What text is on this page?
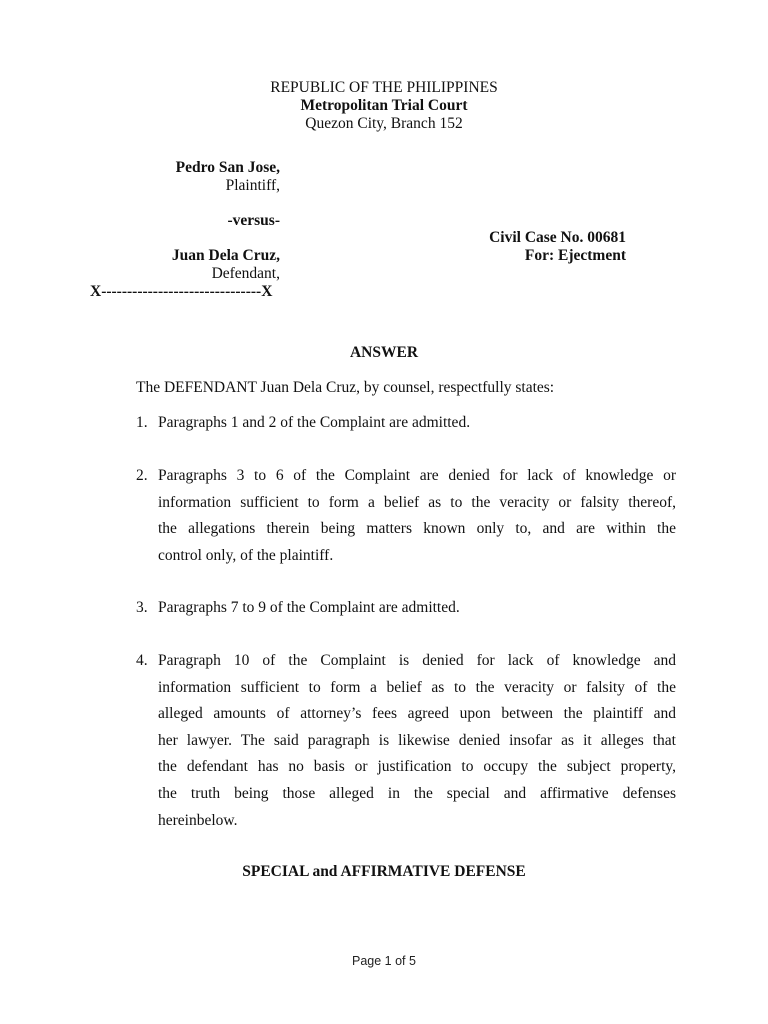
REPUBLIC OF THE PHILIPPINES
Metropolitan Trial Court
Quezon City, Branch 152
Pedro San Jose,
Plaintiff,
-versus-
Juan Dela Cruz,
Defendant,
X-------------------------------X
Civil Case No. 00681
For: Ejectment
ANSWER
The DEFENDANT Juan Dela Cruz, by counsel, respectfully states:
1. Paragraphs 1 and 2 of the Complaint are admitted.
2. Paragraphs 3 to 6 of the Complaint are denied for lack of knowledge or
information sufficient to form a belief as to the veracity or falsity thereof,
the allegations therein being matters known only to, and are within the
control only, of the plaintiff.
3. Paragraphs 7 to 9 of the Complaint are admitted.
4. Paragraph 10 of the Complaint is denied for lack of knowledge and
information sufficient to form a belief as to the veracity or falsity of the
alleged amounts of attorney’s fees agreed upon between the plaintiff and
her lawyer. The said paragraph is likewise denied insofar as it alleges that
the defendant has no basis or justification to occupy the subject property,
the truth being those alleged in the special and affirmative defenses
hereinbelow.
SPECIAL and AFFIRMATIVE DEFENSE
Page 1 of 5
